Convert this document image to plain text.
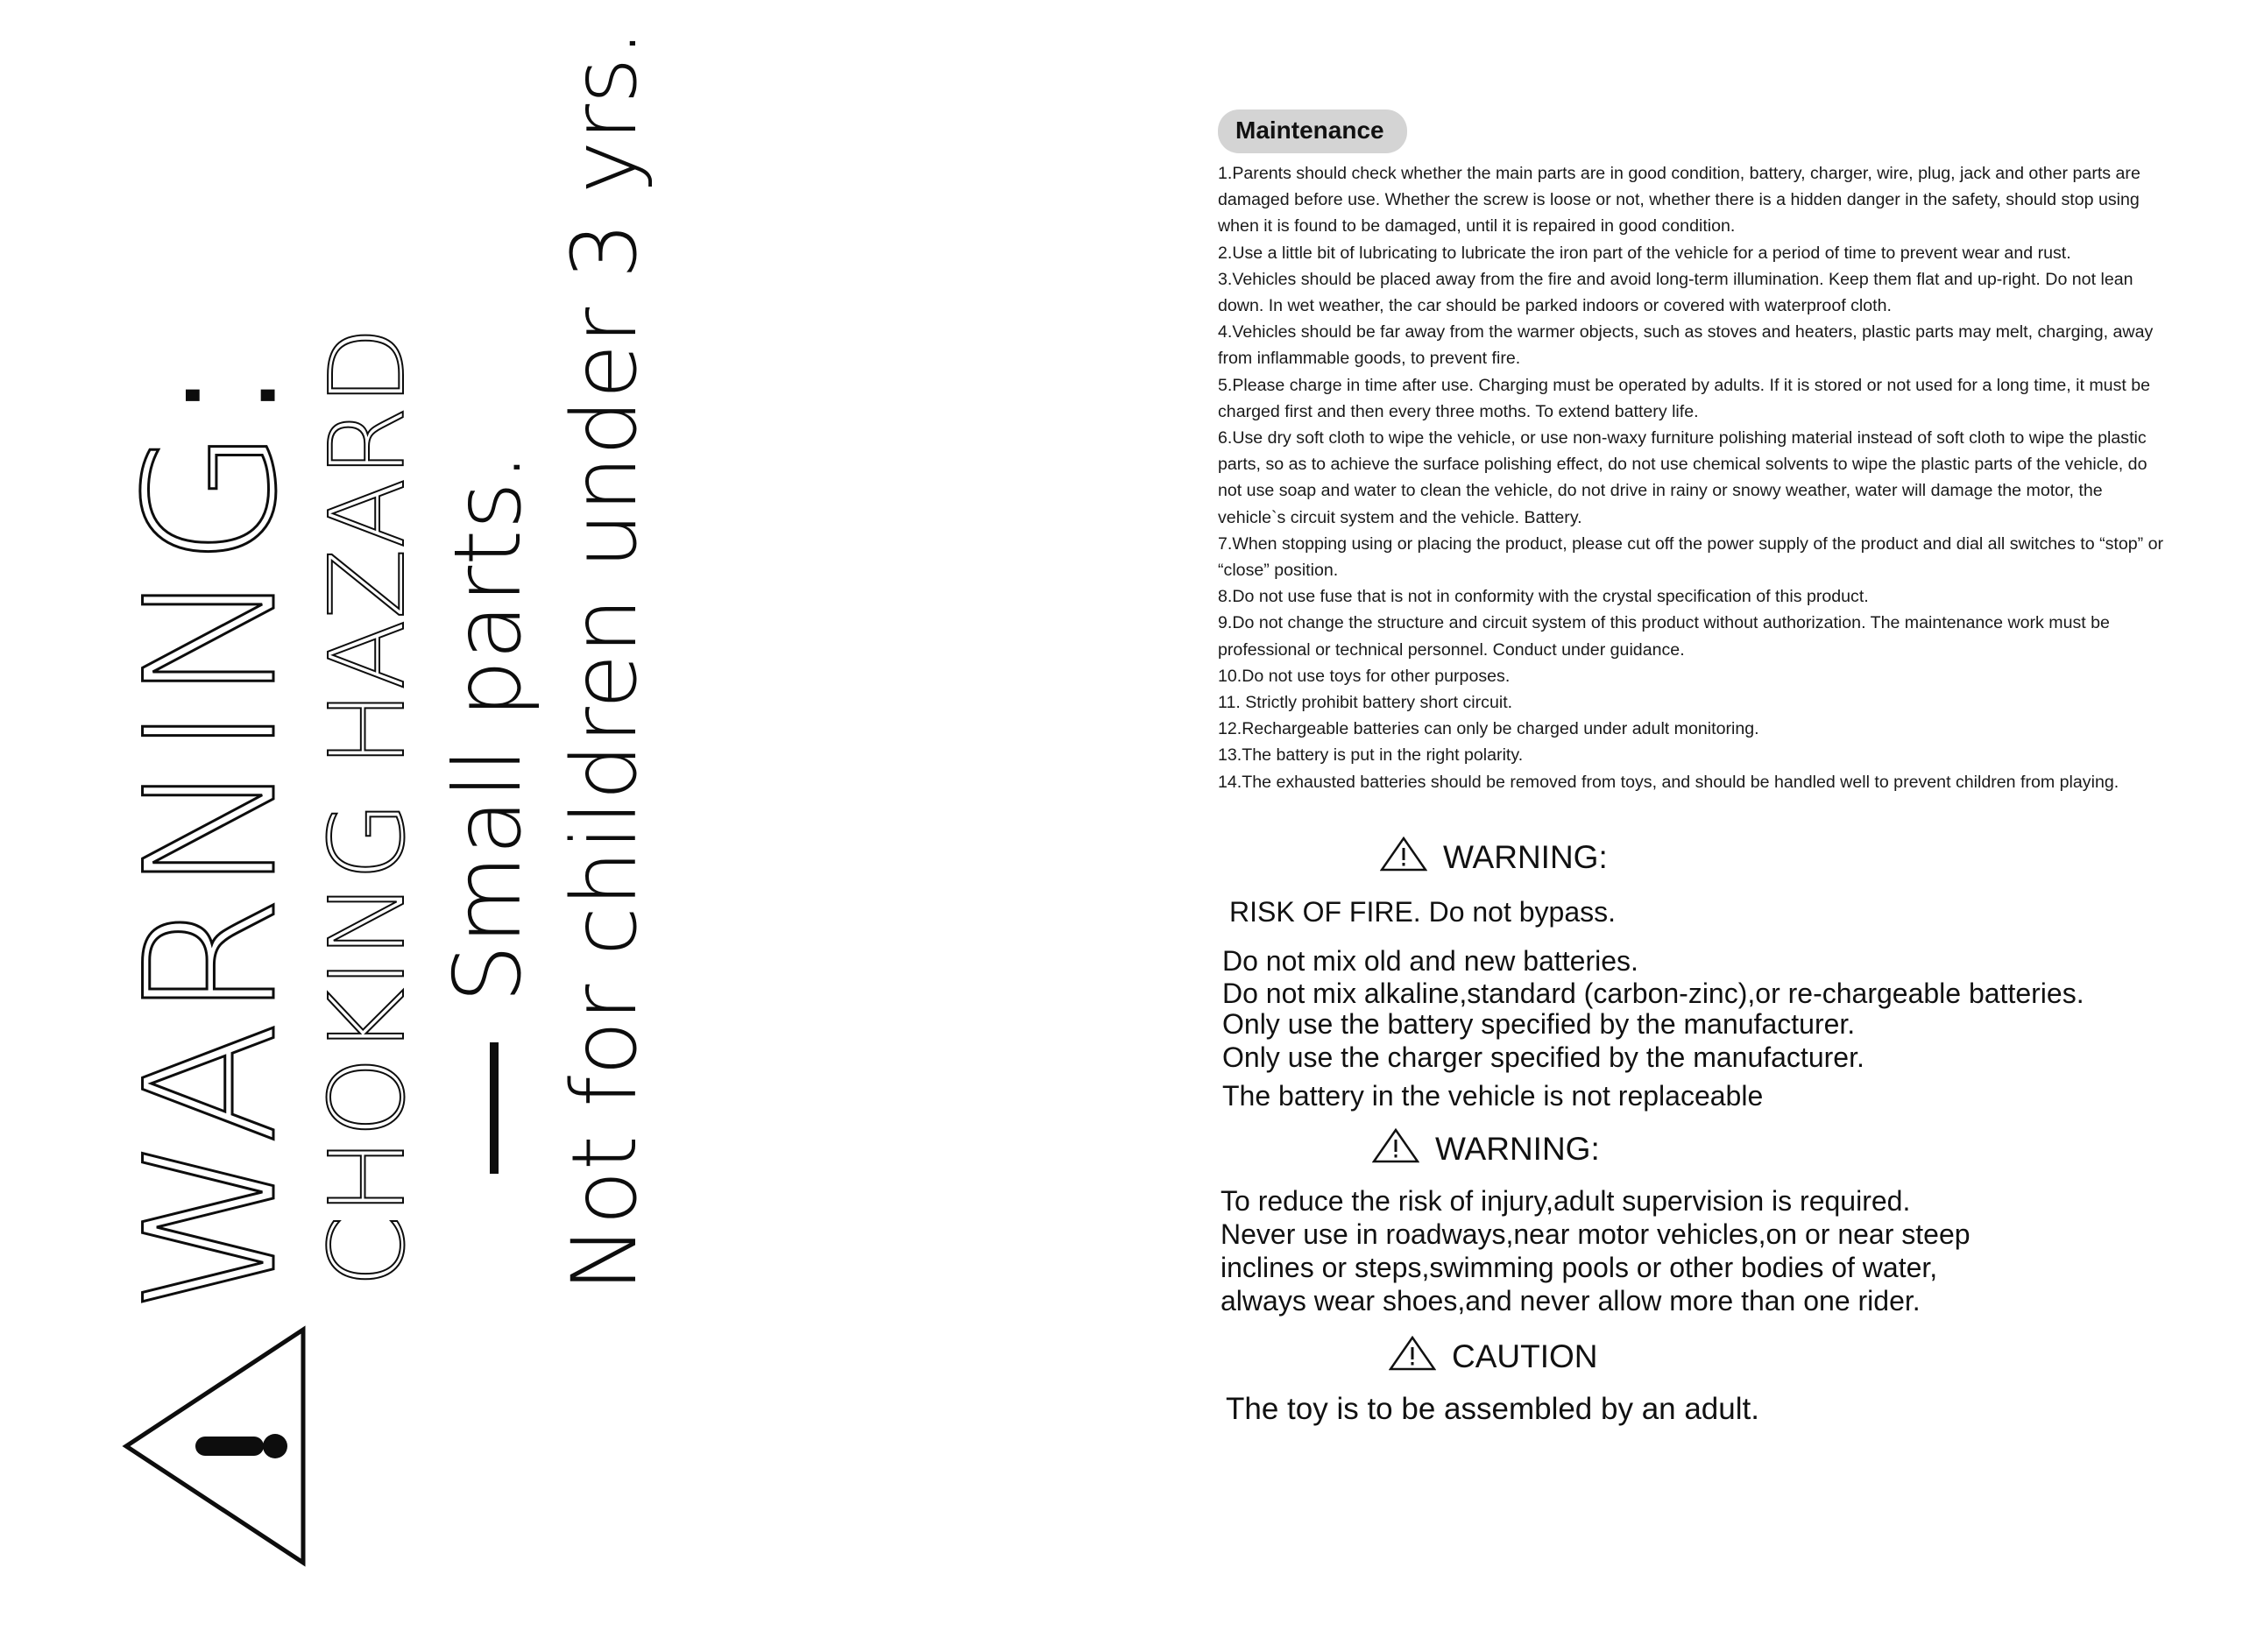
WARNING:
CHOKING HAZARD Small parts. Not for children under 3 yrs.	Maintenance
1.Parents should check whether the main parts are in good condition, battery, charger, wire, plug, jack and other parts are damaged before use. Whether the screw is loose or not, whether there is a hidden danger in the safety, should stop using when it is found to be damaged, until it is repaired in good condition.
2.Use a little bit of lubricating to lubricate the iron part of the vehicle for a period of time to prevent wear and rust.
3.Vehicles should be placed away from the fire and avoid long-term illumination. Keep them flat and up-right. Do not lean down. In wet weather, the car should be parked indoors or covered with waterproof cloth.
4.Vehicles should be far away from the warmer objects, such as stoves and heaters, plastic parts may melt, charging, away from inflammable goods, to prevent fire.
5.Please charge in time after use. Charging must be operated by adults. If it is stored or not used for a long time, it must be charged first and then every three moths. To extend battery life.
6.Use dry soft cloth to wipe the vehicle, or use non-waxy furniture polishing material instead of soft cloth to wipe the plastic parts, so as to achieve the surface polishing effect, do not use chemical solvents to wipe the plastic parts of the vehicle, do not use soap and water to clean the vehicle, do not drive in rainy or snowy weather, water will damage the motor, the vehicle`s circuit system and the vehicle. Battery.
7.When stopping using or placing the product, please cut off the power supply of the product and dial all switches to “stop” or “close” position.
8.Do not use fuse that is not in conformity with the crystal specification of this product.
9.Do not change the structure and circuit system of this product without authorization. The maintenance work must be professional or technical personnel. Conduct under guidance.
10.Do not use toys for other purposes.
11. Strictly prohibit battery short circuit.
12.Rechargeable batteries can only be charged under adult monitoring.
13.The battery is put in the right polarity.
14.The exhausted batteries should be removed from toys, and should be handled well to prevent children from playing.
WARNING:
RISK OF FIRE. Do not bypass.
Do not mix old and new batteries.
Do not mix alkaline,standard (carbon-zinc),or re-chargeable batteries.
Only use the battery specified by the manufacturer.
Only use the charger specified by the manufacturer.
The battery in the vehicle is not replaceable
WARNING:
To reduce the risk of injury,adult supervision is required.
Never use in roadways,near motor vehicles,on or near steep
inclines or steps,swimming pools or other bodies of water,
always wear shoes,and never allow more than one rider.
CAUTION
The toy is to be assembled by an adult.
